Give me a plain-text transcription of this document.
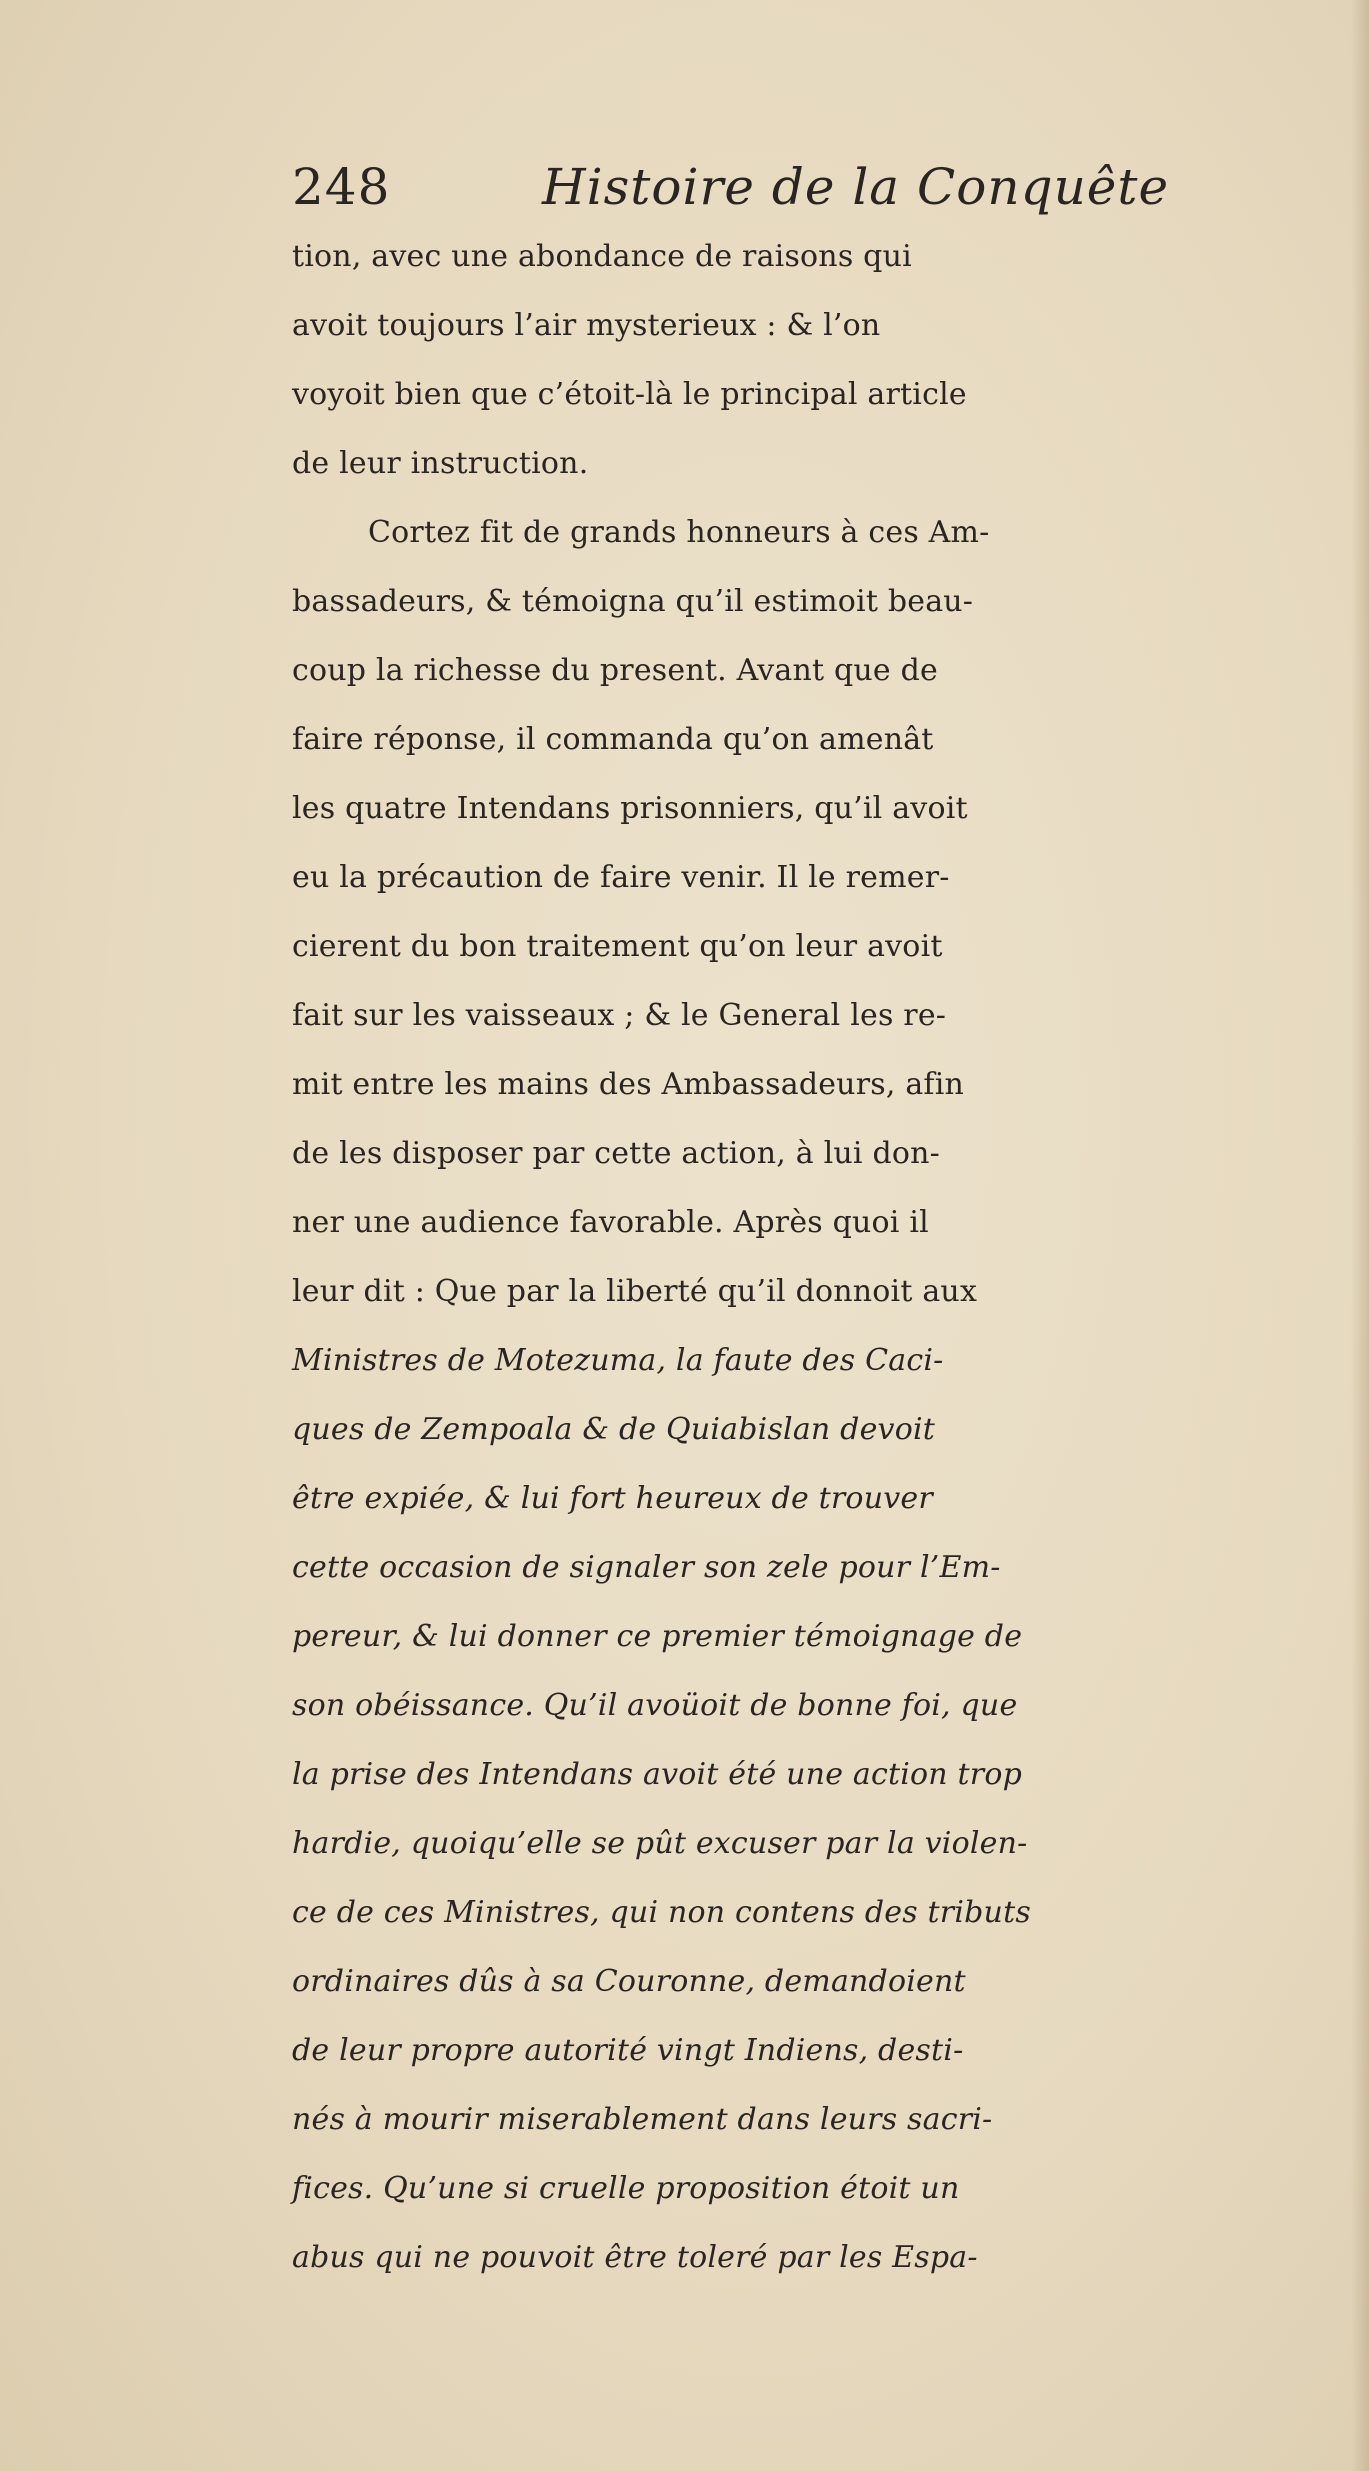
248	Histoire de la Conquête
tion, avec une abondance de raisons qui
avoit toujours l’air mysterieux : & l’on
voyoit bien que c’étoit-là le principal article
de leur instruction.
Cortez fit de grands honneurs à ces Am-
bassadeurs, & témoigna qu’il estimoit beau-
coup la richesse du present. Avant que de
faire réponse, il commanda qu’on amenât
les quatre Intendans prisonniers, qu’il avoit
eu la précaution de faire venir. Il le remer-
cierent du bon traitement qu’on leur avoit
fait sur les vaisseaux ; & le General les re-
mit entre les mains des Ambassadeurs, afin
de les disposer par cette action, à lui don-
ner une audience favorable. Après quoi il
leur dit : Que par la liberté qu’il donnoit aux
Ministres de Motezuma, la faute des Caci-
ques de Zempoala & de Quiabislan devoit
être expiée, & lui fort heureux de trouver
cette occasion de signaler son zele pour l’Em-
pereur, & lui donner ce premier témoignage de
son obéissance. Qu’il avoüoit de bonne foi, que
la prise des Intendans avoit été une action trop
hardie, quoiqu’elle se pût excuser par la violen-
ce de ces Ministres, qui non contens des tributs
ordinaires dûs à sa Couronne, demandoient
de leur propre autorité vingt Indiens, desti-
nés à mourir miserablement dans leurs sacri-
fices. Qu’une si cruelle proposition étoit un
abus qui ne pouvoit être toleré par les Espa-
